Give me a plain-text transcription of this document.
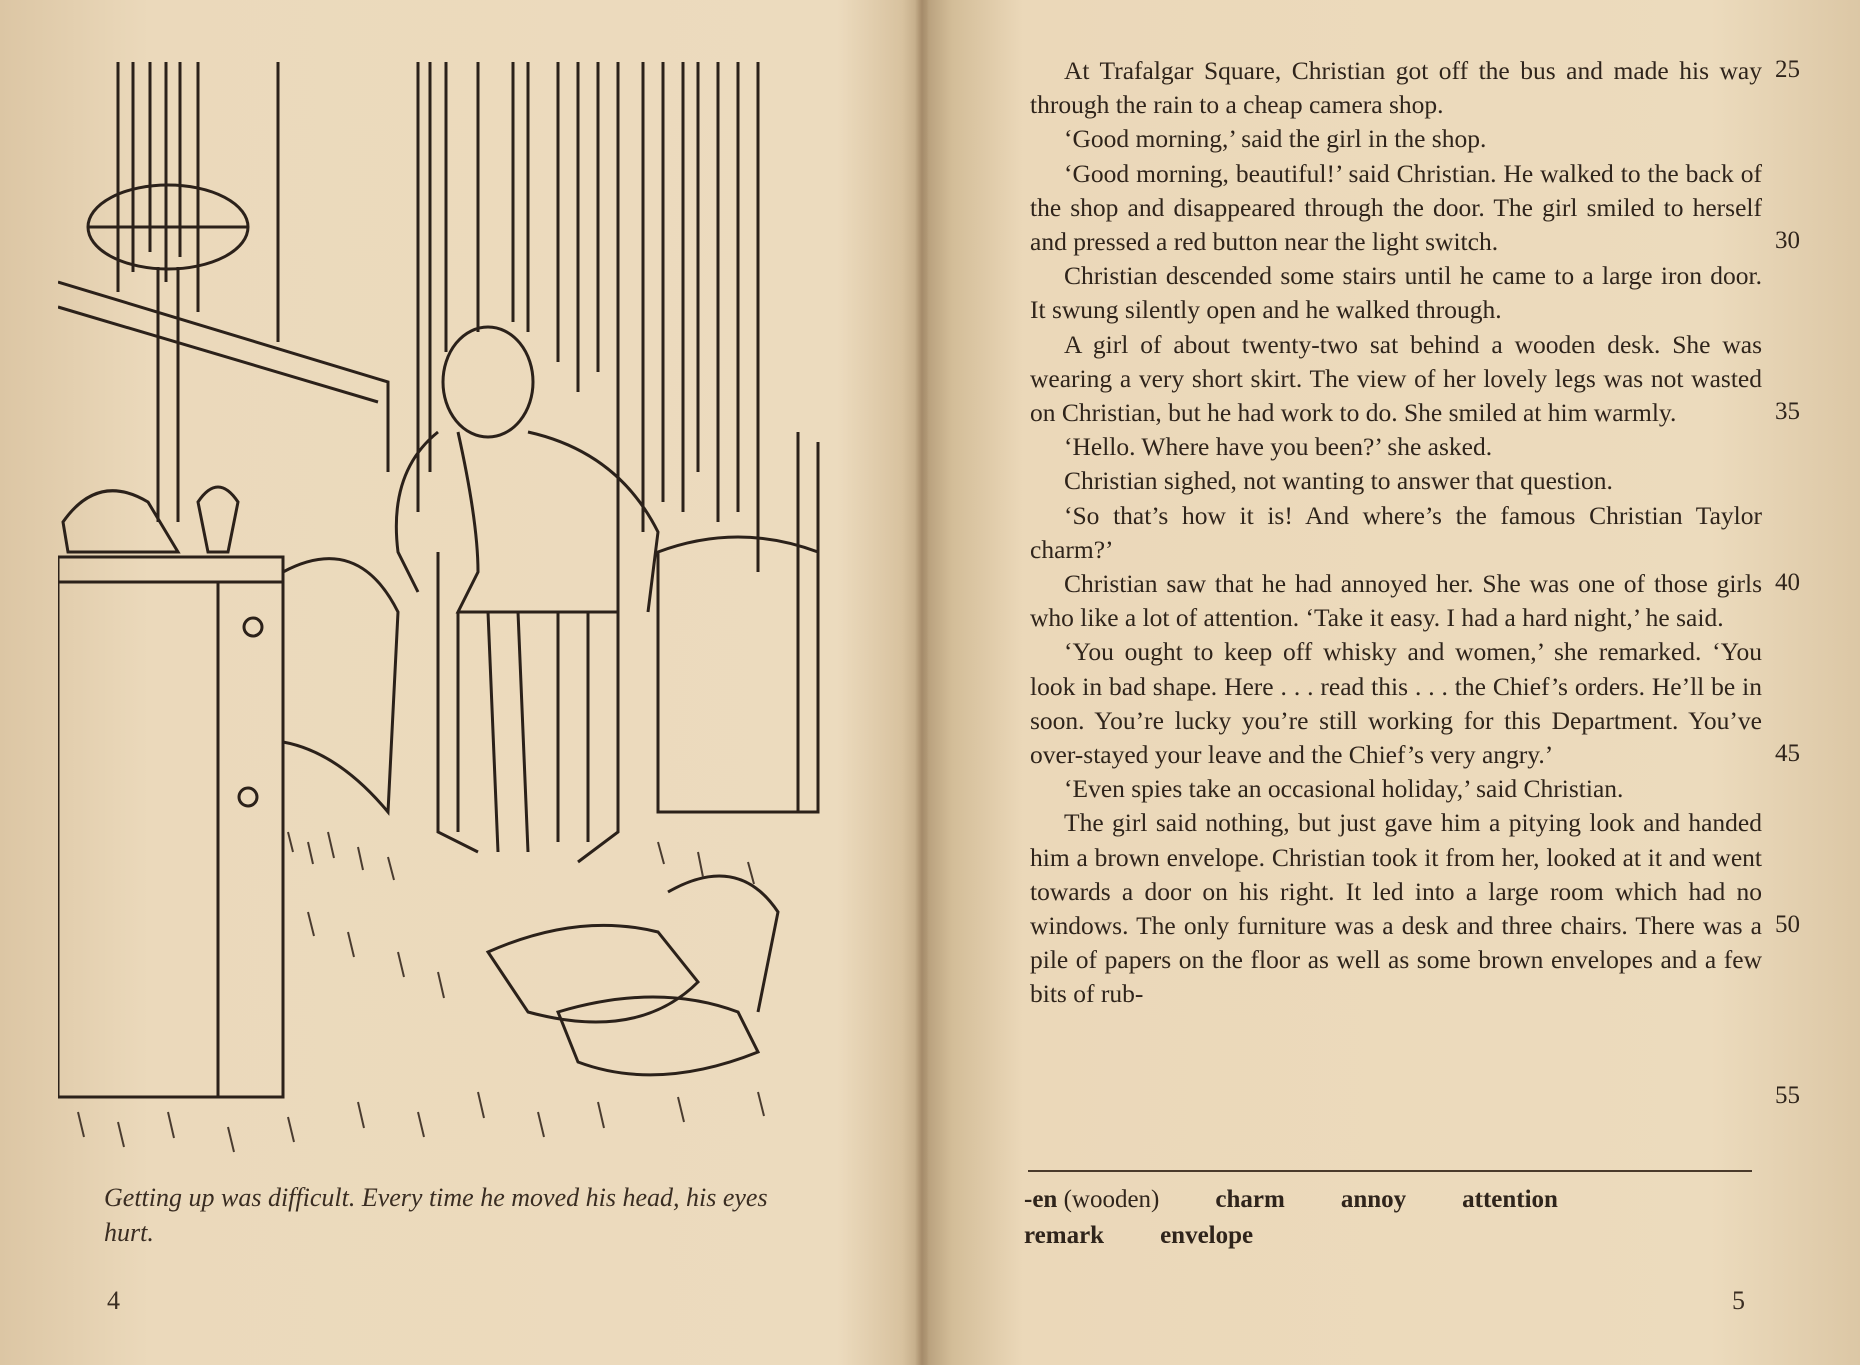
Getting up was difficult. Every time he moved his head, his eyes hurt.
4

At Trafalgar Square, Christian got off the bus and made his way through the rain to a cheap camera shop.

‘Good morning,’ said the girl in the shop.

‘Good morning, beautiful!’ said Christian. He walked to the back of the shop and disappeared through the door. The girl smiled to herself and pressed a red button near the light switch.

Christian descended some stairs until he came to a large iron door. It swung silently open and he walked through.

A girl of about twenty-two sat behind a wooden desk. She was wearing a very short skirt. The view of her lovely legs was not wasted on Christian, but he had work to do. She smiled at him warmly.

‘Hello. Where have you been?’ she asked.

Christian sighed, not wanting to answer that question.

‘So that’s how it is! And where’s the famous Christian Taylor charm?’

Christian saw that he had annoyed her. She was one of those girls who like a lot of attention. ‘Take it easy. I had a hard night,’ he said.

‘You ought to keep off whisky and women,’ she remarked. ‘You look in bad shape. Here . . . read this . . . the Chief’s orders. He’ll be in soon. You’re lucky you’re still working for this Department. You’ve over-stayed your leave and the Chief’s very angry.’

‘Even spies take an occasional holiday,’ said Christian.

The girl said nothing, but just gave him a pitying look and handed him a brown envelope. Christian took it from her, looked at it and went towards a door on his right. It led into a large room which had no windows. The only furniture was a desk and three chairs. There was a pile of papers on the floor as well as some brown envelopes and a few bits of rub-

25
30
35
40
45
50
55
-en (wooden) charm annoy attention
remark envelope
5
